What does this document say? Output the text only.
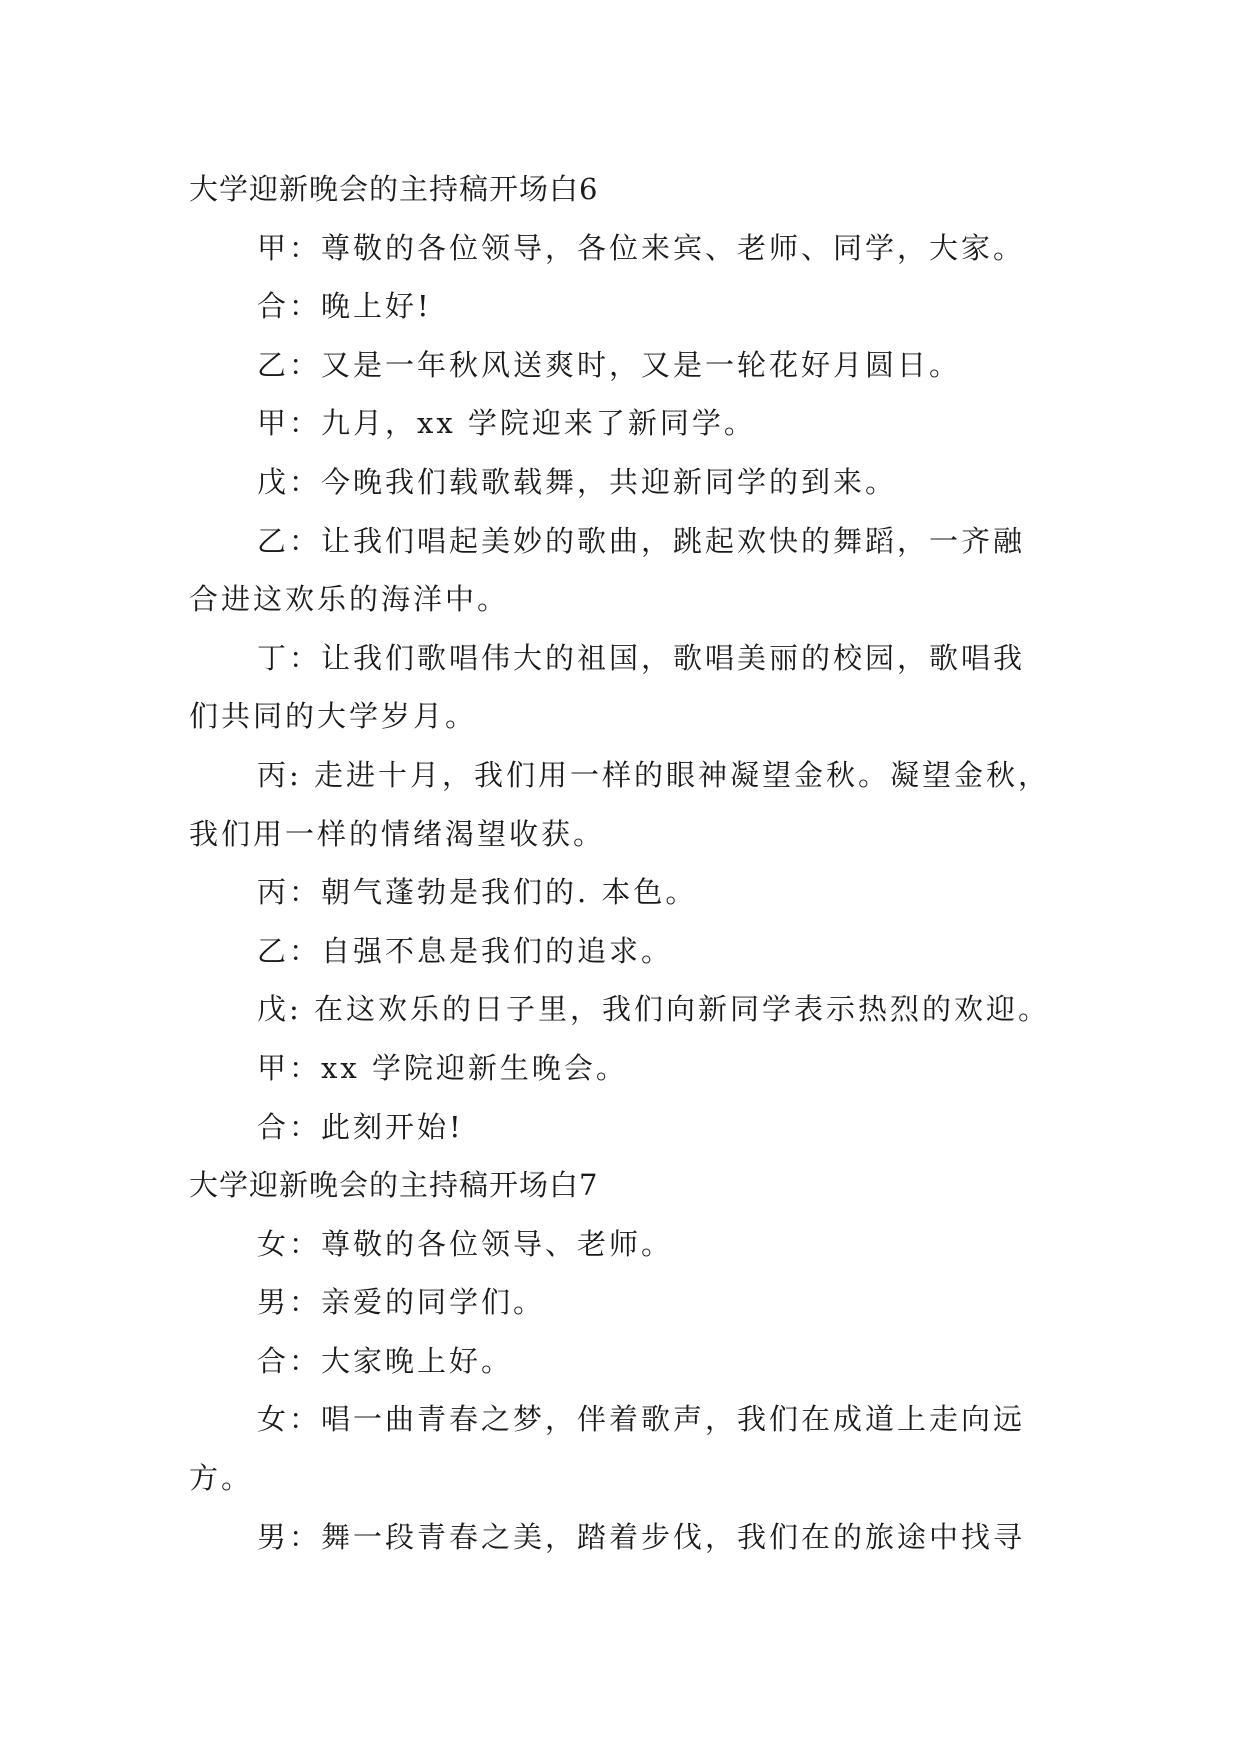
大学迎新晚会的主持稿开场白6
甲：尊敬的各位领导，各位来宾、老师、同学，大家。
合：晚上好!
乙：又是一年秋风送爽时，又是一轮花好月圆日。
甲：九月，xx 学院迎来了新同学。
戊：今晚我们载歌载舞，共迎新同学的到来。
乙：让我们唱起美妙的歌曲，跳起欢快的舞蹈，一齐融
合进这欢乐的海洋中。
丁：让我们歌唱伟大的祖国，歌唱美丽的校园，歌唱我
们共同的大学岁月。
丙: 走进十月，我们用一样的眼神凝望金秋。凝望金秋，
我们用一样的情绪渴望收获。
丙：朝气蓬勃是我们的. 本色。
乙：自强不息是我们的追求。
戊: 在这欢乐的日子里，我们向新同学表示热烈的欢迎。
甲：xx 学院迎新生晚会。
合：此刻开始!
大学迎新晚会的主持稿开场白7
女：尊敬的各位领导、老师。
男：亲爱的同学们。
合：大家晚上好。
女：唱一曲青春之梦，伴着歌声，我们在成道上走向远
方。
男：舞一段青春之美，踏着步伐，我们在的旅途中找寻
